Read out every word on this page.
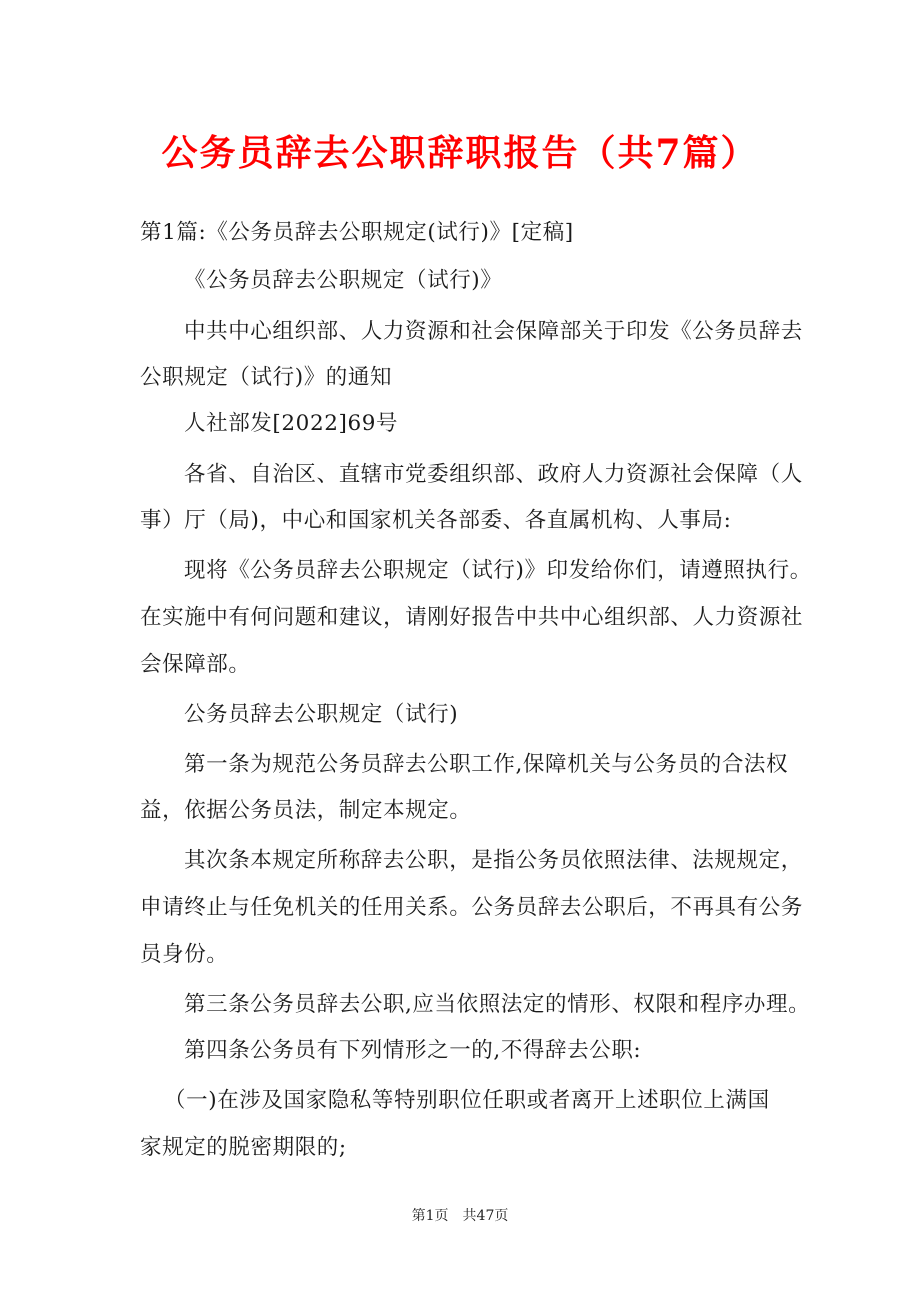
公务员辞去公职辞职报告（共7篇）
第1篇:《公务员辞去公职规定(试行)》[定稿]
《公务员辞去公职规定（试行)》
中共中心组织部、人力资源和社会保障部关于印发《公务员辞去
公职规定（试行)》的通知
人社部发[2022]69号
各省、自治区、直辖市党委组织部、政府人力资源社会保障（人
事）厅（局)，中心和国家机关各部委、各直属机构、人事局:
现将《公务员辞去公职规定（试行)》印发给你们，请遵照执行。
在实施中有何问题和建议，请刚好报告中共中心组织部、人力资源社
会保障部。
公务员辞去公职规定（试行)
第一条为规范公务员辞去公职工作,保障机关与公务员的合法权
益，依据公务员法，制定本规定。
其次条本规定所称辞去公职，是指公务员依照法律、法规规定，
申请终止与任免机关的任用关系。公务员辞去公职后，不再具有公务
员身份。
第三条公务员辞去公职,应当依照法定的情形、权限和程序办理。
第四条公务员有下列情形之一的,不得辞去公职:
（一)在涉及国家隐私等特别职位任职或者离开上述职位上满国
家规定的脱密期限的;
第1页　共47页
